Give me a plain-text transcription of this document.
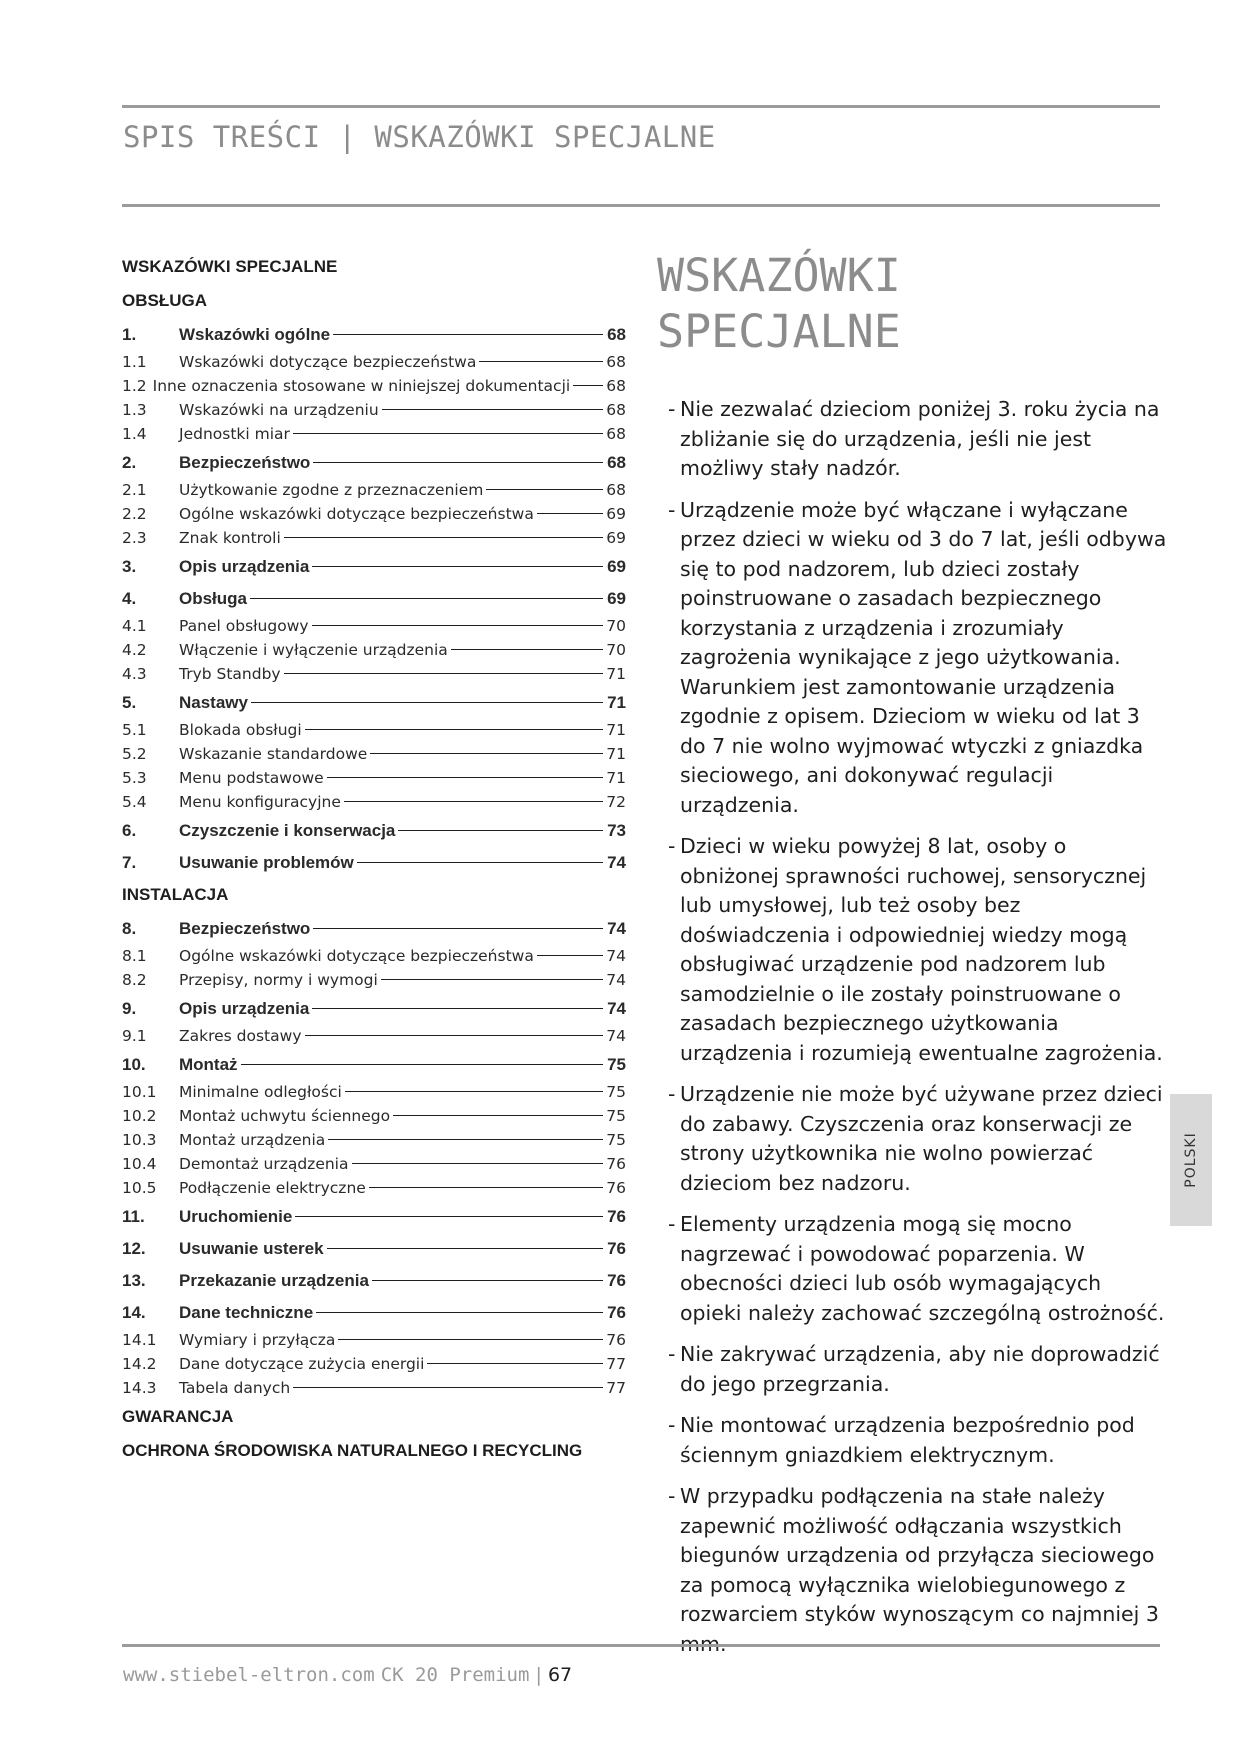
SPIS TREŚCI | WSKAZÓWKI SPECJALNE
WSKAZÓWKI SPECJALNE
OBSŁUGA
1.	Wskazówki ogólne	68
1.1	Wskazówki dotyczące bezpieczeństwa	68
1.2 Inne oznaczenia stosowane w niniejszej dokumentacji 68
1.3	Wskazówki na urządzeniu	68
1.4	Jednostki miar	68
2.	Bezpieczeństwo	68
2.1	Użytkowanie zgodne z przeznaczeniem	68
2.2	Ogólne wskazówki dotyczące bezpieczeństwa	69
2.3	Znak kontroli	69
3.	Opis urządzenia	69
4.	Obsługa	69
4.1	Panel obsługowy	70
4.2	Włączenie i wyłączenie urządzenia	70
4.3	Tryb Standby	71
5.	Nastawy	71
5.1	Blokada obsługi	71
5.2	Wskazanie standardowe	71
5.3	Menu podstawowe	71
5.4	Menu konfiguracyjne	72
6.	Czyszczenie i konserwacja	73
7.	Usuwanie problemów	74
INSTALACJA
8.	Bezpieczeństwo	74
8.1	Ogólne wskazówki dotyczące bezpieczeństwa	74
8.2	Przepisy, normy i wymogi	74
9.	Opis urządzenia	74
9.1	Zakres dostawy	74
10.	Montaż	75
10.1	Minimalne odległości	75
10.2	Montaż uchwytu ściennego	75
10.3	Montaż urządzenia	75
10.4	Demontaż urządzenia	76
10.5	Podłączenie elektryczne	76
11.	Uruchomienie	76
12.	Usuwanie usterek	76
13.	Przekazanie urządzenia	76
14.	Dane techniczne	76
14.1	Wymiary i przyłącza	76
14.2	Dane dotyczące zużycia energii	77
14.3	Tabela danych	77
GWARANCJA
OCHRONA ŚRODOWISKA NATURALNEGO I RECYCLING
WSKAZÓWKI
SPECJALNE
- Nie zezwalać dzieciom poniżej 3. roku życia na zbliżanie się do urządzenia, jeśli nie jest możliwy stały nadzór.
- Urządzenie może być włączane i wyłączane przez dzieci w wieku od 3 do 7 lat, jeśli odbywa się to pod nadzorem, lub dzieci zostały poinstruowane o zasadach bezpiecznego korzystania z urządzenia i zrozumiały zagrożenia wynikające z jego użytkowania. Warunkiem jest zamontowanie urządzenia zgodnie z opisem. Dzieciom w wieku od lat 3 do 7 nie wolno wyjmować wtyczki z gniazdka sieciowego, ani dokonywać regulacji urządzenia.
- Dzieci w wieku powyżej 8 lat, osoby o obniżonej sprawności ruchowej, sensorycznej lub umysłowej, lub też osoby bez doświadczenia i odpowiedniej wiedzy mogą obsługiwać urządzenie pod nadzorem lub samodzielnie o ile zostały poinstruowane o zasadach bezpiecznego użytkowania urządzenia i rozumieją ewentualne zagrożenia.
- Urządzenie nie może być używane przez dzieci do zabawy. Czyszczenia oraz konserwacji ze strony użytkownika nie wolno powierzać dzieciom bez nadzoru.
- Elementy urządzenia mogą się mocno nagrzewać i powodować poparzenia. W obecności dzieci lub osób wymagających opieki należy zachować szczególną ostrożność.
- Nie zakrywać urządzenia, aby nie doprowadzić do jego przegrzania.
- Nie montować urządzenia bezpośrednio pod ściennym gniazdkiem elektrycznym.
- W przypadku podłączenia na stałe należy zapewnić możliwość odłączania wszystkich biegunów urządzenia od przyłącza sieciowego za pomocą wyłącznika wielobiegunowego z rozwarciem styków wynoszącym co najmniej 3
POLSKI
www.stiebel-eltron.com CK 20 Premium | 67
